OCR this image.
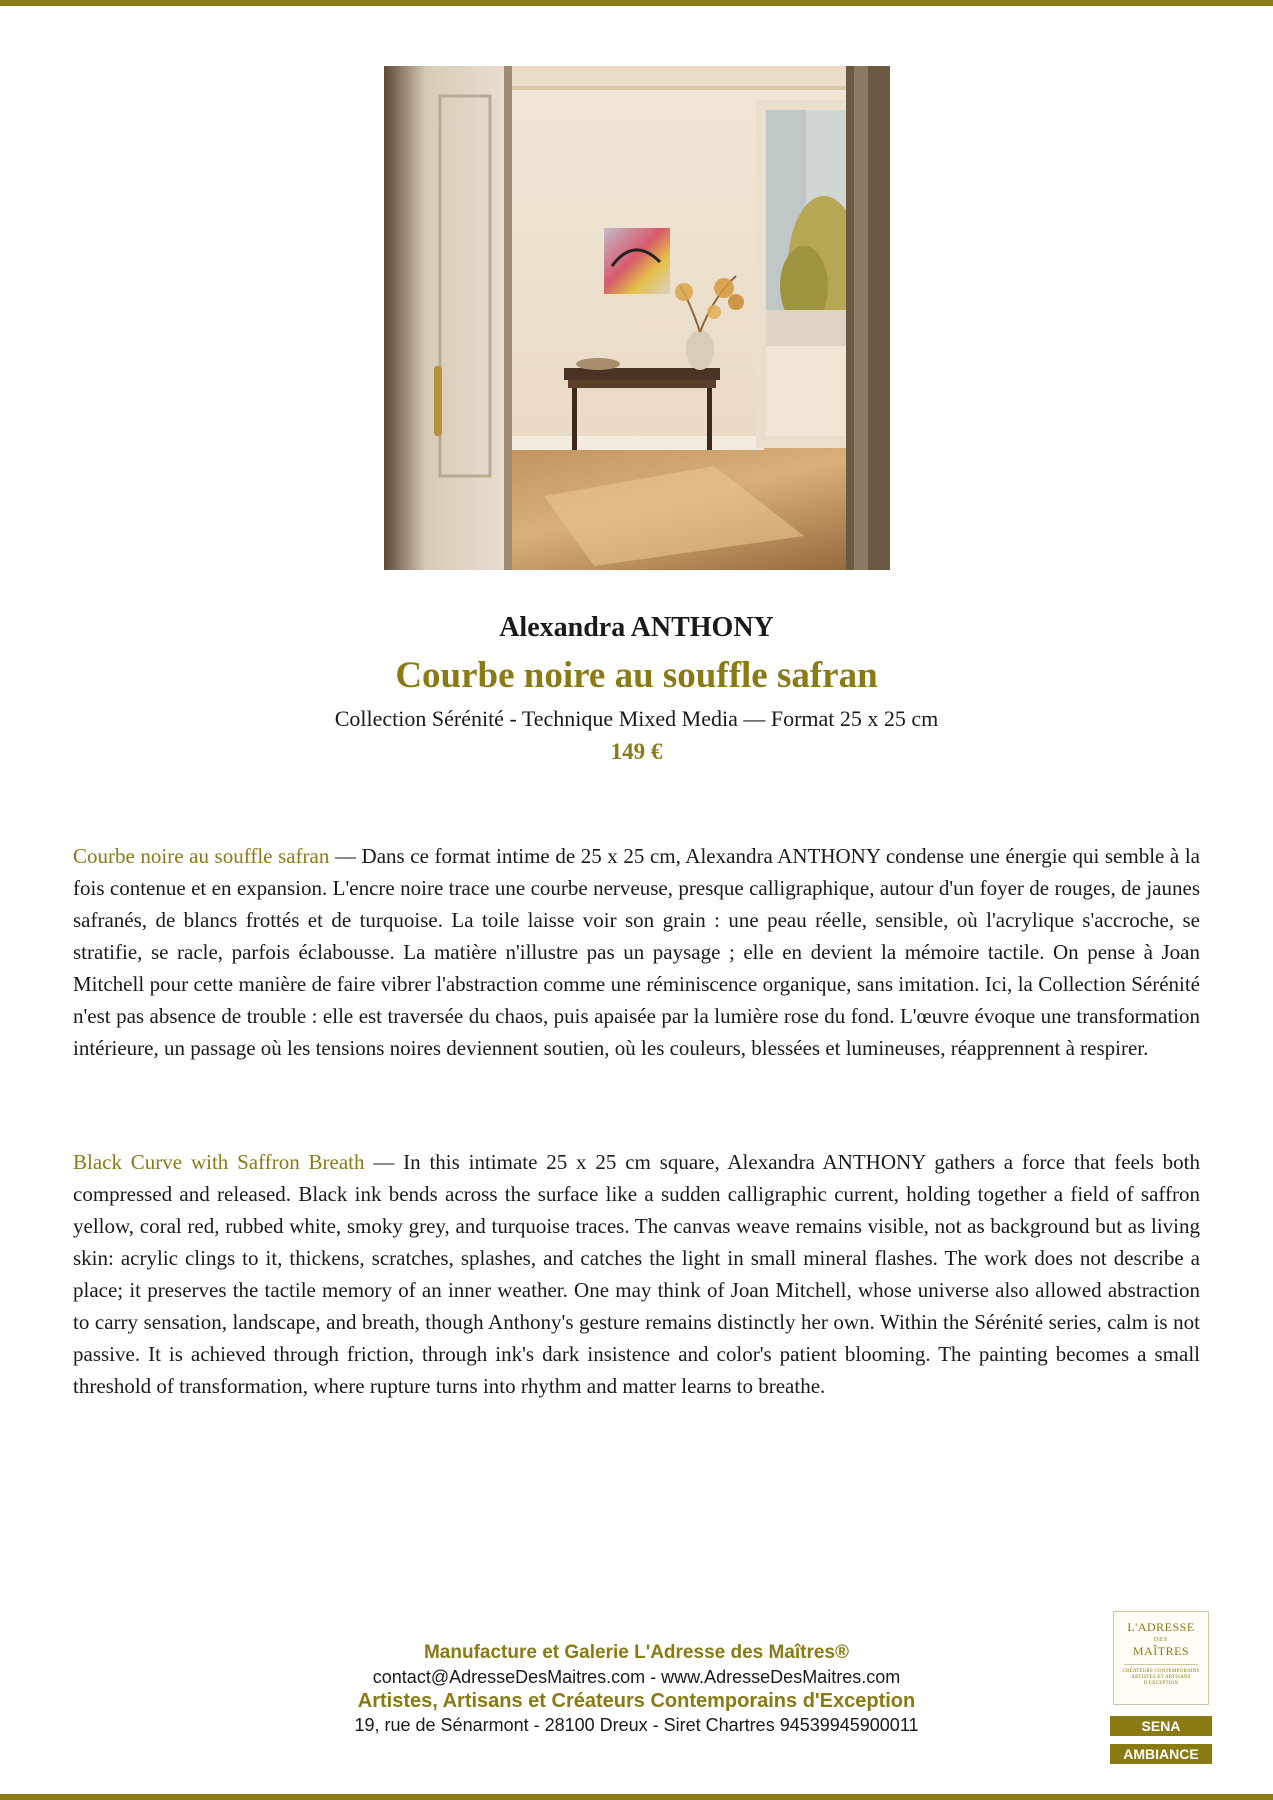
Alexandra ANTHONY
Courbe noire au souffle safran
Collection Sérénité - Technique Mixed Media — Format 25 x 25 cm
149 €

Courbe noire au souffle safran — Dans ce format intime de 25 x 25 cm, Alexandra ANTHONY condense une énergie qui semble à la fois contenue et en expansion. L'encre noire trace une courbe nerveuse, presque calligraphique, autour d'un foyer de rouges, de jaunes safranés, de blancs frottés et de turquoise. La toile laisse voir son grain : une peau réelle, sensible, où l'acrylique s'accroche, se stratifie, se racle, parfois éclabousse. La matière n'illustre pas un paysage ; elle en devient la mémoire tactile. On pense à Joan Mitchell pour cette manière de faire vibrer l'abstraction comme une réminiscence organique, sans imitation. Ici, la Collection Sérénité n'est pas absence de trouble : elle est traversée du chaos, puis apaisée par la lumière rose du fond. L'œuvre évoque une transformation intérieure, un passage où les tensions noires deviennent soutien, où les couleurs, blessées et lumineuses, réapprennent à respirer.

Black Curve with Saffron Breath — In this intimate 25 x 25 cm square, Alexandra ANTHONY gathers a force that feels both compressed and released. Black ink bends across the surface like a sudden calligraphic current, holding together a field of saffron yellow, coral red, rubbed white, smoky grey, and turquoise traces. The canvas weave remains visible, not as background but as living skin: acrylic clings to it, thickens, scratches, splashes, and catches the light in small mineral flashes. The work does not describe a place; it preserves the tactile memory of an inner weather. One may think of Joan Mitchell, whose universe also allowed abstraction to carry sensation, landscape, and breath, though Anthony's gesture remains distinctly her own. Within the Sérénité series, calm is not passive. It is achieved through friction, through ink's dark insistence and color's patient blooming. The painting becomes a small threshold of transformation, where rupture turns into rhythm and matter learns to breathe.

Manufacture et Galerie L'Adresse des Maîtres®
contact@AdresseDesMaitres.com - www.AdresseDesMaitres.com
Artistes, Artisans et Créateurs Contemporains d'Exception
19, rue de Sénarmont - 28100 Dreux - Siret Chartres 94539945900011
L'ADRESSE
DES
MAÎTRES
CRÉATEURS CONTEMPORAINS ARTISTES ET ARTISANS D'EXCEPTION
SENA
AMBIANCE
